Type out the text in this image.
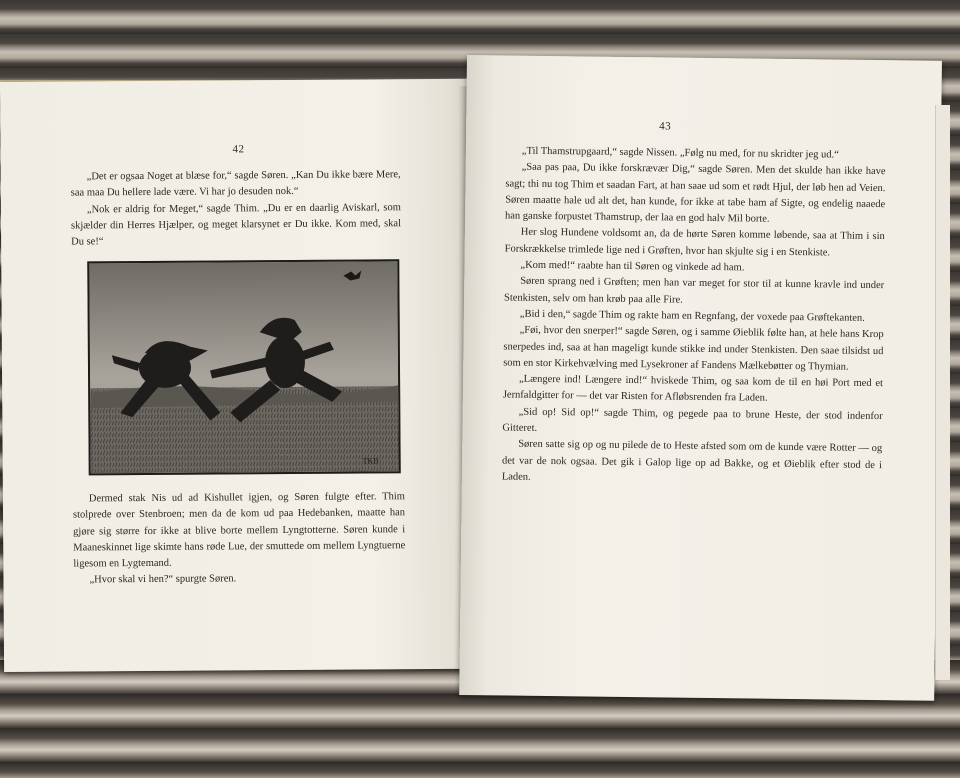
42

„Det er ogsaa Noget at blæse for,“ sagde Søren. „Kan Du ikke bære Mere, saa maa Du hellere lade være. Vi har jo desuden nok.“

„Nok er aldrig for Meget,“ sagde Thim. „Du er en daarlig Aviskarl, som skjælder din Herres Hjælper, og meget klarsynet er Du ikke. Kom med, skal Du se!“

TKB

Dermed stak Nis ud ad Kishullet igjen, og Søren fulgte efter. Thim stolprede over Stenbroen; men da de kom ud paa Hedebanken, maatte han gjøre sig større for ikke at blive borte mellem Lyngtotterne. Søren kunde i Maaneskinnet lige skimte hans røde Lue, der smuttede om mellem Lyngtuerne ligesom en Lygtemand.

„Hvor skal vi hen?“ spurgte Søren.

43

„Til Thamstrupgaard,“ sagde Nissen. „Følg nu med, for nu skridter jeg ud.“

„Saa pas paa, Du ikke forskrævær Dig,“ sagde Søren. Men det skulde han ikke have sagt; thi nu tog Thim et saadan Fart, at han saae ud som et rødt Hjul, der løb hen ad Veien. Søren maatte hale ud alt det, han kunde, for ikke at tabe ham af Sigte, og endelig naaede han ganske forpustet Thamstrup, der laa en god halv Mil borte.

Her slog Hundene voldsomt an, da de hørte Søren komme løbende, saa at Thim i sin Forskrækkelse trimlede lige ned i Grøften, hvor han skjulte sig i en Stenkiste.

„Kom med!“ raabte han til Søren og vinkede ad ham.

Søren sprang ned i Grøften; men han var meget for stor til at kunne kravle ind under Stenkisten, selv om han krøb paa alle Fire.

„Bid i den,“ sagde Thim og rakte ham en Regnfang, der voxede paa Grøftekanten.

„Føi, hvor den snerper!“ sagde Søren, og i samme Øieblik følte han, at hele hans Krop snerpedes ind, saa at han mageligt kunde stikke ind under Stenkisten. Den saae tilsidst ud som en stor Kirkehvælving med Lysekroner af Fandens Mælkebøtter og Thymian.

„Længere ind! Længere ind!“ hviskede Thim, og saa kom de til en høi Port med et Jernfaldgitter for — det var Risten for Afløbsrenden fra Laden.

„Sid op! Sid op!“ sagde Thim, og pegede paa to brune Heste, der stod indenfor Gitteret.

Søren satte sig op og nu pilede de to Heste afsted som om de kunde være Rotter — og det var de nok ogsaa. Det gik i Galop lige op ad Bakke, og et Øieblik efter stod de i Laden.
